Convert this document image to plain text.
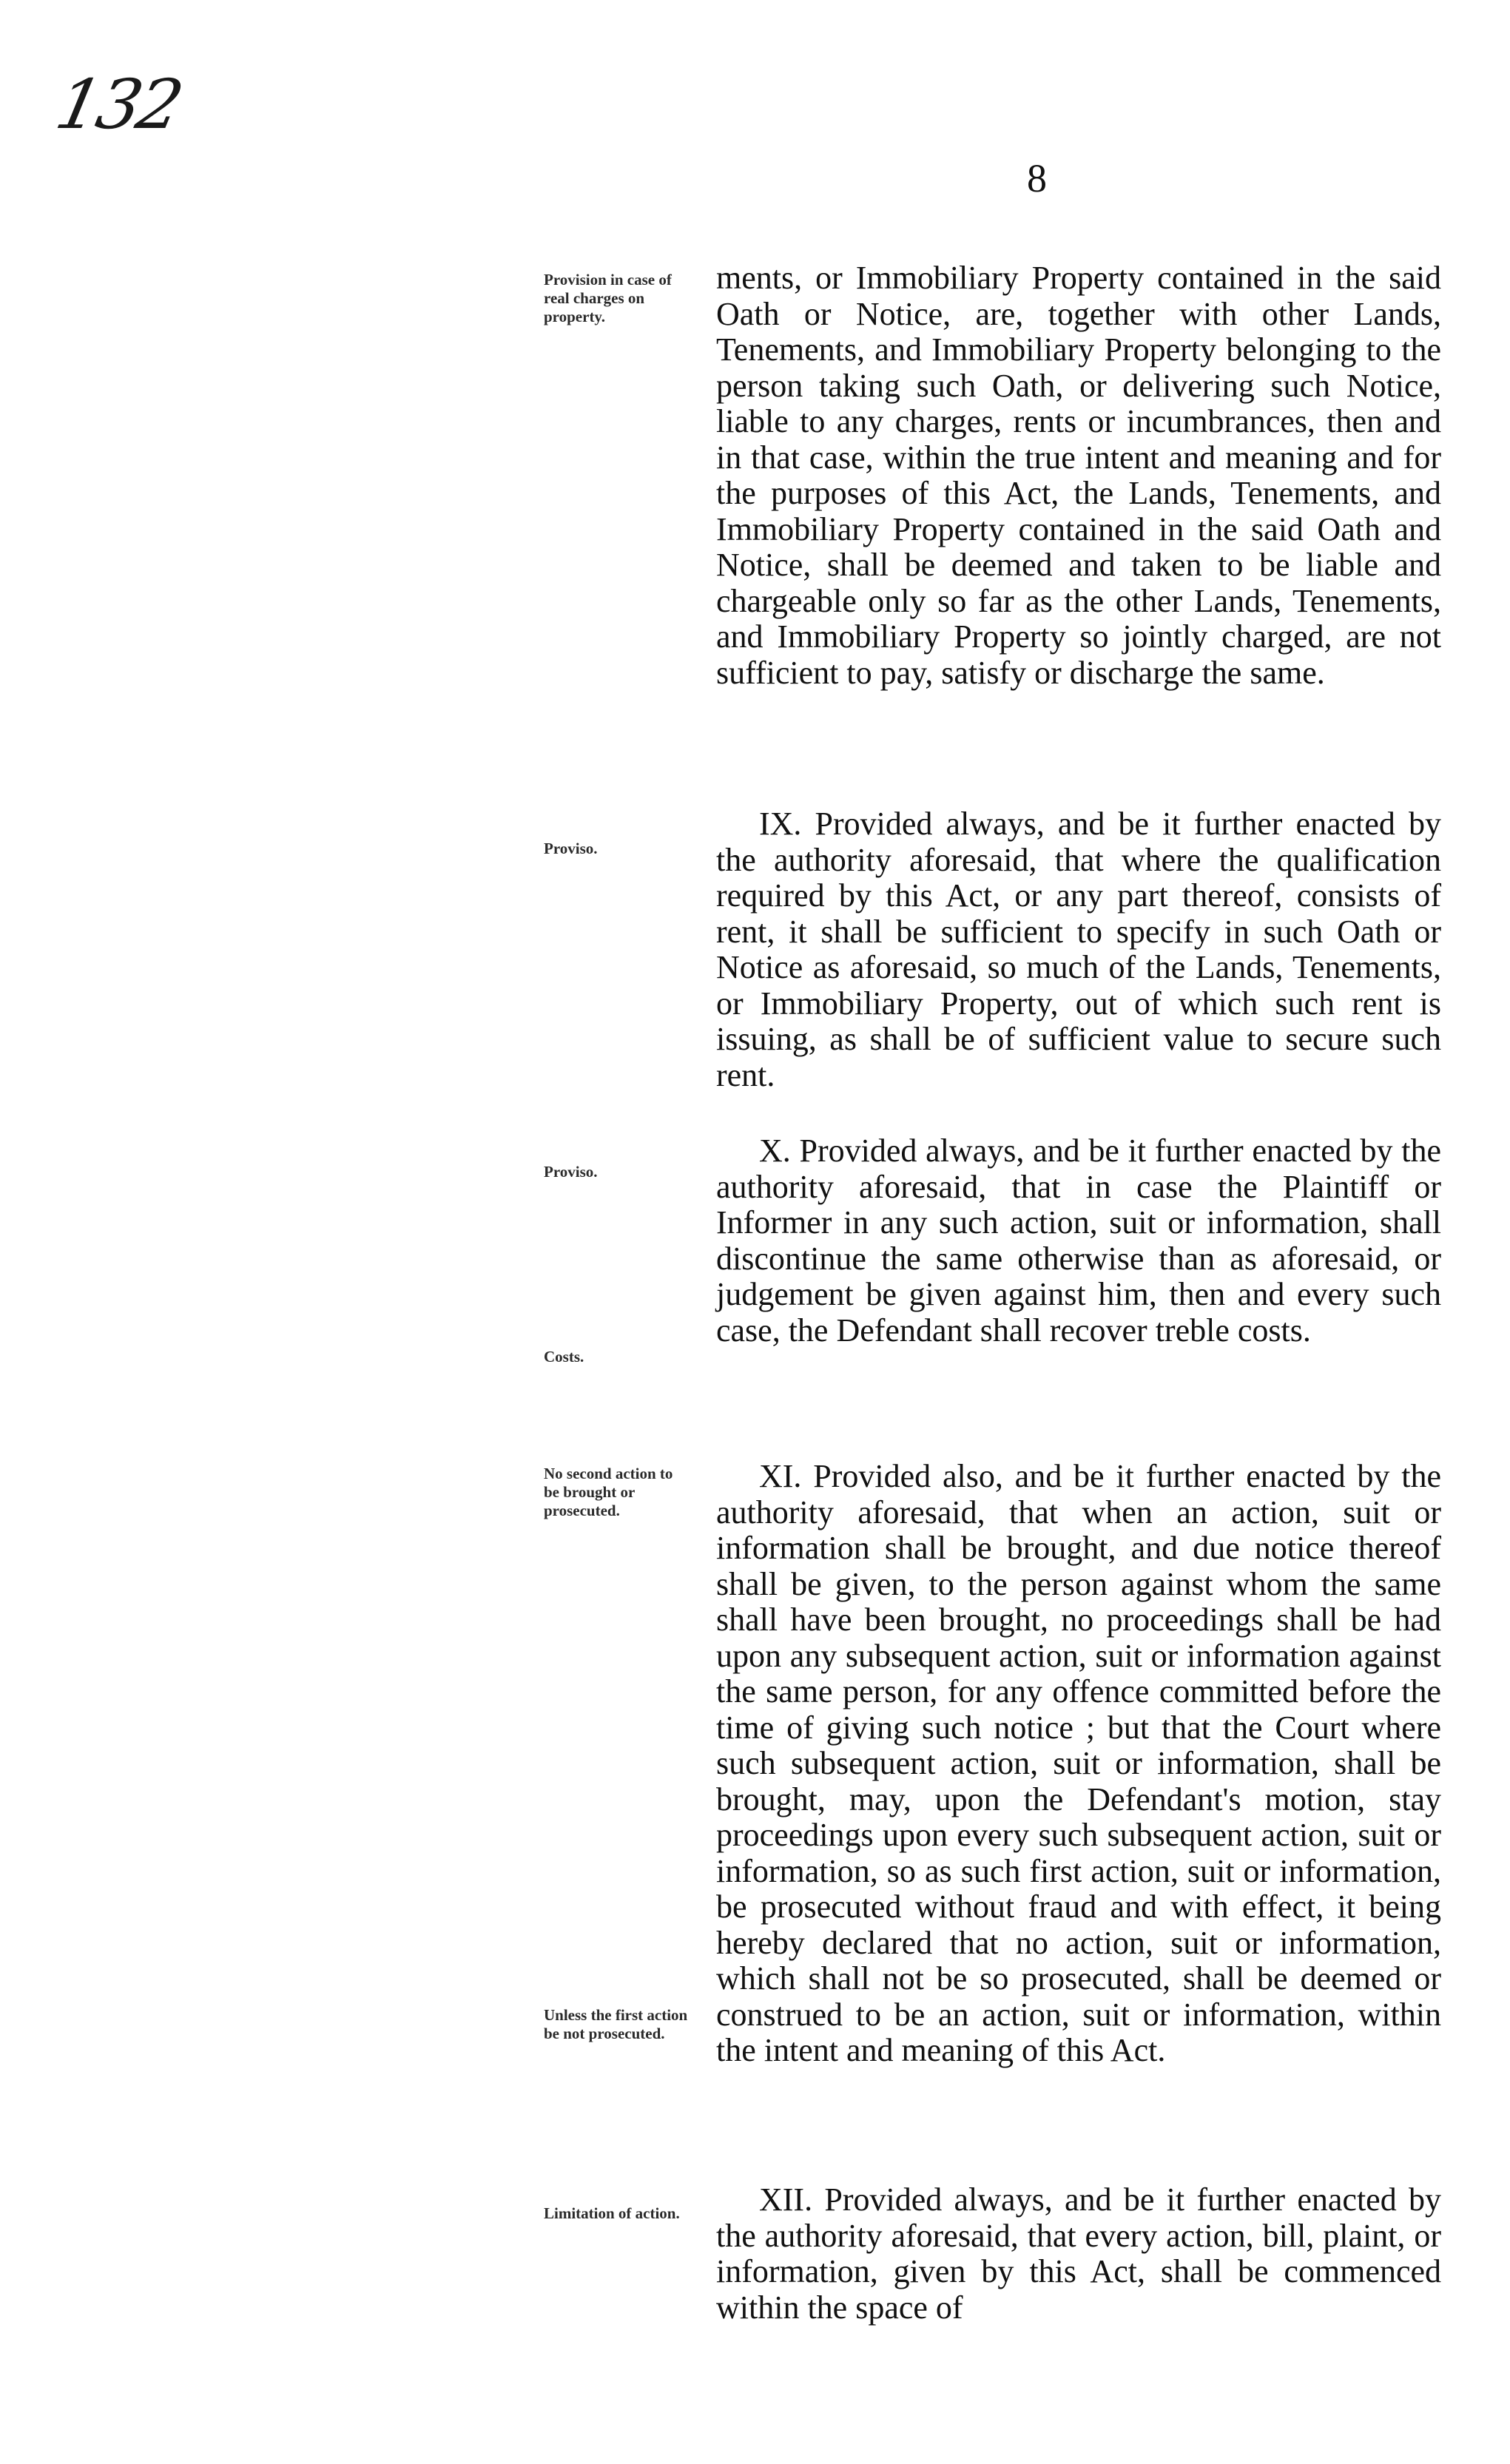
132
8
Provision in case of real charges on property.
Proviso.
Proviso.
Costs.
No second action to be brought or prosecuted.
Unless the first action be not prosecuted.
Limitation of action.
ments, or Immobiliary Property contained in the said Oath or Notice, are, together with other Lands, Tenements, and Immobiliary Property belonging to the person taking such Oath, or delivering such Notice, liable to any charges, rents or incumbrances, then and in that case, within the true intent and meaning and for the purposes of this Act, the Lands, Tenements, and Immobiliary Property contained in the said Oath and Notice, shall be deemed and taken to be liable and chargeable only so far as the other Lands, Tenements, and Immobiliary Property so jointly charged, are not sufficient to pay, satisfy or discharge the same.
IX. Provided always, and be it further enacted by the authority aforesaid, that where the qualification required by this Act, or any part thereof, consists of rent, it shall be sufficient to specify in such Oath or Notice as aforesaid, so much of the Lands, Tenements, or Immobiliary Property, out of which such rent is issuing, as shall be of sufficient value to secure such rent.
X. Provided always, and be it further enacted by the authority aforesaid, that in case the Plaintiff or Informer in any such action, suit or information, shall discontinue the same otherwise than as aforesaid, or judgement be given against him, then and every such case, the Defendant shall recover treble costs.
XI. Provided also, and be it further enacted by the authority aforesaid, that when an action, suit or information shall be brought, and due notice thereof shall be given, to the person against whom the same shall have been brought, no proceedings shall be had upon any subsequent action, suit or information against the same person, for any offence committed before the time of giving such notice ; but that the Court where such subsequent action, suit or information, shall be brought, may, upon the Defendant's motion, stay proceedings upon every such subsequent action, suit or information, so as such first action, suit or information, be prosecuted without fraud and with effect, it being hereby declared that no action, suit or information, which shall not be so prosecuted, shall be deemed or construed to be an action, suit or information, within the intent and meaning of this Act.
XII. Provided always, and be it further enacted by the authority aforesaid, that every action, bill, plaint, or information, given by this Act, shall be commenced within the space of
